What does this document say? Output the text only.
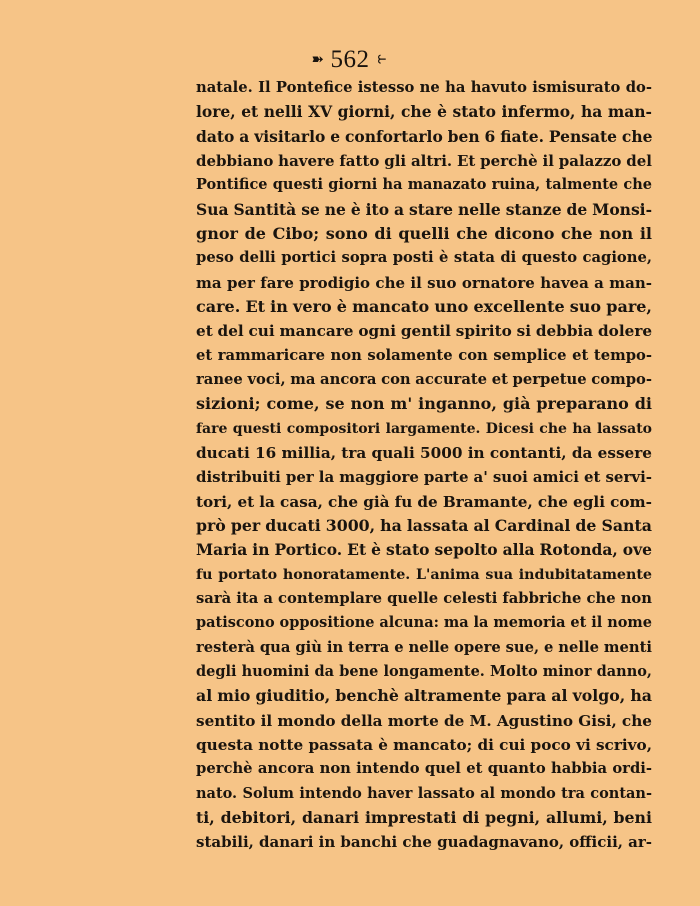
➽ 562 ⥼
natale. Il Pontefice istesso ne ha havuto ismisurato do-
lore, et nelli XV giorni, che è stato infermo, ha man-
dato a visitarlo e confortarlo ben 6 fiate. Pensate che
debbiano havere fatto gli altri. Et perchè il palazzo del
Pontifice questi giorni ha manazato ruina, talmente che
Sua Santità se ne è ito a stare nelle stanze de Monsi-
gnor de Cibo; sono di quelli che dicono che non il
peso delli portici sopra posti è stata di questo cagione,
ma per fare prodigio che il suo ornatore havea a man-
care. Et in vero è mancato uno excellente suo pare,
et del cui mancare ogni gentil spirito si debbia dolere
et rammaricare non solamente con semplice et tempo-
ranee voci, ma ancora con accurate et perpetue compo-
sizioni; come, se non m' inganno, già preparano di
fare questi compositori largamente. Dicesi che ha lassato
ducati 16 millia, tra quali 5000 in contanti, da essere
distribuiti per la maggiore parte a' suoi amici et servi-
tori, et la casa, che già fu de Bramante, che egli com-
prò per ducati 3000, ha lassata al Cardinal de Santa
Maria in Portico. Et è stato sepolto alla Rotonda, ove
fu portato honoratamente. L'anima sua indubitatamente
sarà ita a contemplare quelle celesti fabbriche che non
patiscono oppositione alcuna: ma la memoria et il nome
resterà qua giù in terra e nelle opere sue, e nelle menti
degli huomini da bene longamente. Molto minor danno,
al mio giuditio, benchè altramente para al volgo, ha
sentito il mondo della morte de M. Agustino Gisi, che
questa notte passata è mancato; di cui poco vi scrivo,
perchè ancora non intendo quel et quanto habbia ordi-
nato. Solum intendo haver lassato al mondo tra contan-
ti, debitori, danari imprestati di pegni, allumi, beni
stabili, danari in banchi che guadagnavano, officii, ar-
